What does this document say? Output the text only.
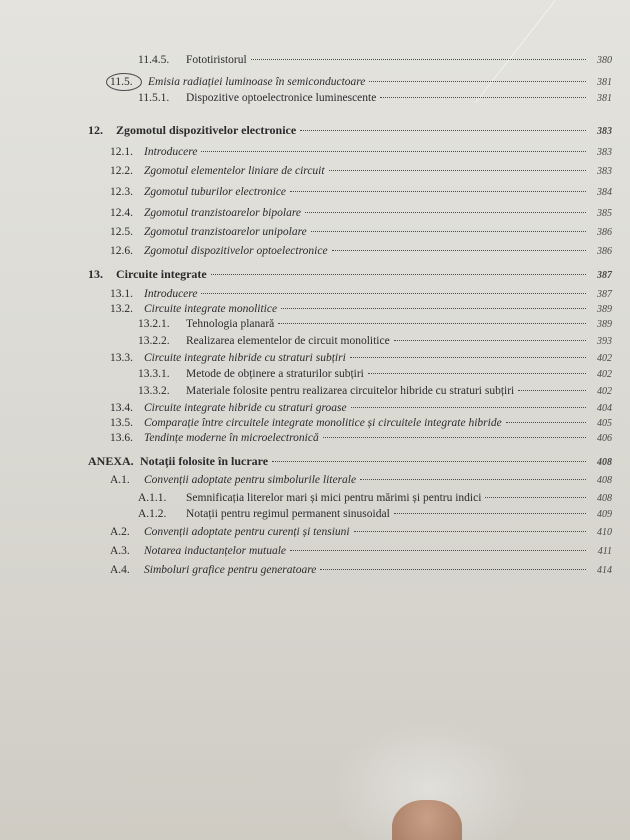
11.4.5.	Fototiristorul	380
11.5.	Emisia radiației luminoase în semiconductoare	381
11.5.1.	Dispozitive optoelectronice luminescente	381
12.	Zgomotul dispozitivelor electronice	383
12.1. Introducere	383
12.2. Zgomotul elementelor liniare de circuit	383
12.3. Zgomotul tuburilor electronice	384
12.4. Zgomotul tranzistoarelor bipolare	385
12.5. Zgomotul tranzistoarelor unipolare	386
12.6. Zgomotul dispozitivelor optoelectronice	386
13.	Circuite integrate	387
13.1. Introducere	387
13.2. Circuite integrate monolitice	389
13.2.1.	Tehnologia planară	389
13.2.2.	Realizarea elementelor de circuit monolitice	393
13.3. Circuite integrate hibride cu straturi subțiri	402
13.3.1.	Metode de obținere a straturilor subțiri	402
13.3.2.	Materiale folosite pentru realizarea circuitelor hibride cu straturi subțiri	402
13.4. Circuite integrate hibride cu straturi groase	404
13.5. Comparație între circuitele integrate monolitice și circuitele integrate hibride	405
13.6. Tendințe moderne în microelectronică	406
ANEXA. Notații folosite în lucrare	408
A.1.	Convenții adoptate pentru simbolurile literale	408
A.1.1.	Semnificația literelor mari și mici pentru mărimi și pentru indici	408
A.1.2.	Notații pentru regimul permanent sinusoidal	409
A.2.	Convenții adoptate pentru curenți și tensiuni	410
A.3.	Notarea inductanțelor mutuale	411
A.4.	Simboluri grafice pentru generatoare	414
